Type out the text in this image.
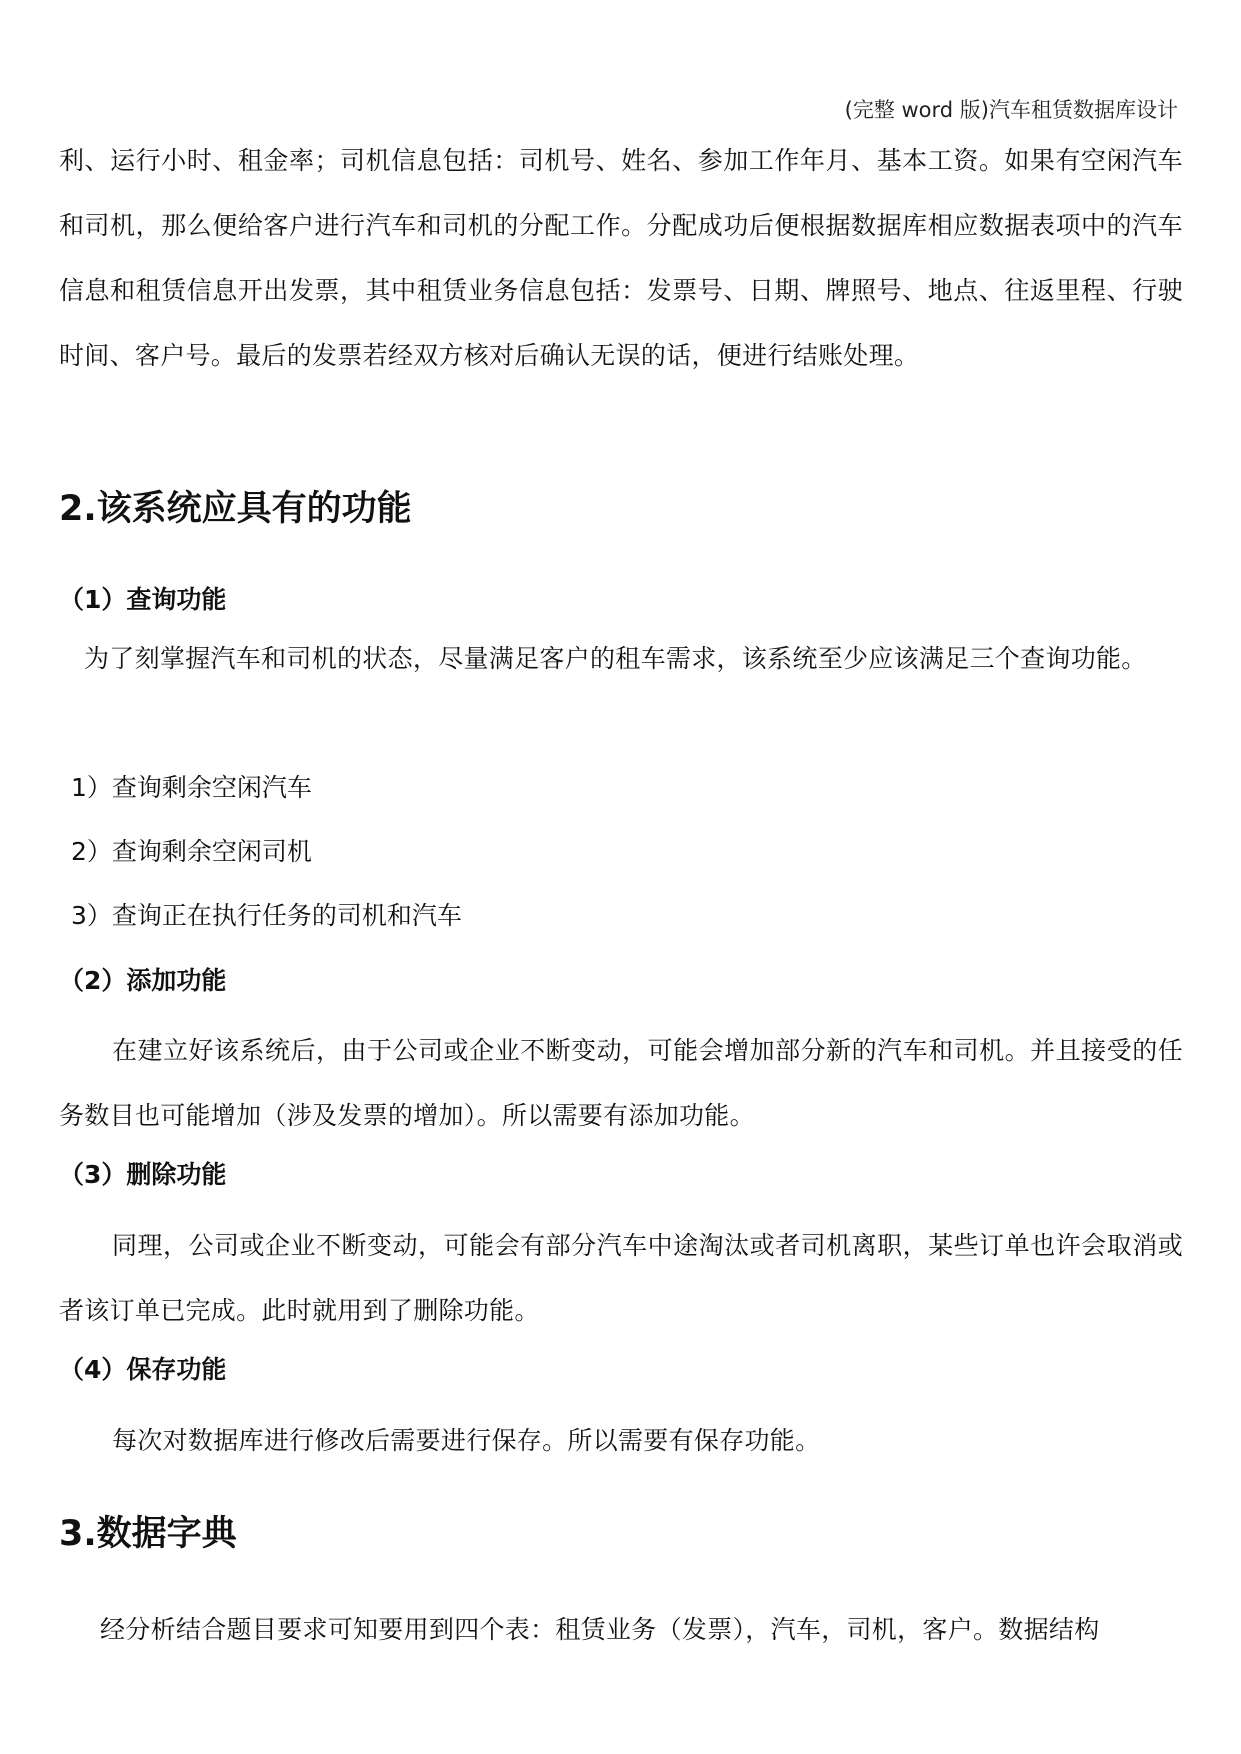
(完整 word 版)汽车租赁数据库设计
利、运行小时、租金率；司机信息包括：司机号、姓名、参加工作年月、基本工资。如果有空闲汽车和司机，那么便给客户进行汽车和司机的分配工作。分配成功后便根据数据库相应数据表项中的汽车信息和租赁信息开出发票，其中租赁业务信息包括：发票号、日期、牌照号、地点、往返里程、行驶时间、客户号。最后的发票若经双方核对后确认无误的话，便进行结账处理。
2.该系统应具有的功能
（1）查询功能
为了刻掌握汽车和司机的状态，尽量满足客户的租车需求，该系统至少应该满足三个查询功能。
1）查询剩余空闲汽车
2）查询剩余空闲司机
3）查询正在执行任务的司机和汽车
（2）添加功能
在建立好该系统后，由于公司或企业不断变动，可能会增加部分新的汽车和司机。并且接受的任务数目也可能增加（涉及发票的增加）。所以需要有添加功能。
（3）删除功能
同理，公司或企业不断变动，可能会有部分汽车中途淘汰或者司机离职，某些订单也许会取消或者该订单已完成。此时就用到了删除功能。
（4）保存功能
每次对数据库进行修改后需要进行保存。所以需要有保存功能。
3.数据字典
经分析结合题目要求可知要用到四个表：租赁业务（发票），汽车，司机，客户。数据结构
